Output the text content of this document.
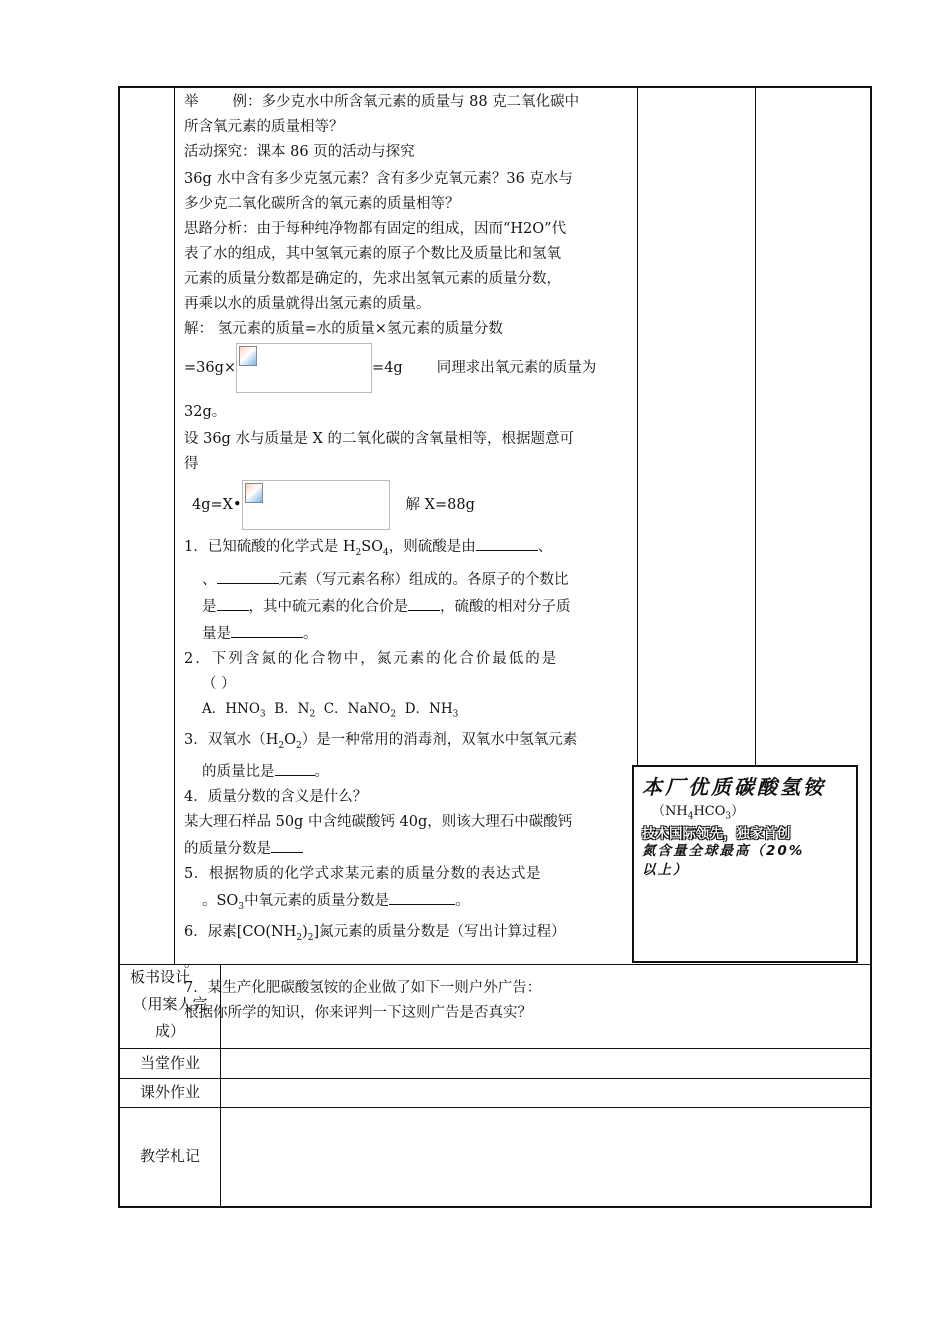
举 例：多少克水中所含氧元素的质量与 88 克二氧化碳中

所含氧元素的质量相等？

活动探究：课本 86 页的活动与探究

36g 水中含有多少克氢元素？含有多少克氧元素？36 克水与

多少克二氧化碳所含的氧元素的质量相等？

思路分析：由于每种纯净物都有固定的组成，因而“H2O”代

表了水的组成，其中氢氧元素的原子个数比及质量比和氢氧

元素的质量分数都是确定的，先求出氢氧元素的质量分数，

再乘以水的质量就得出氢元素的质量。

解： 氢元素的质量=水的质量×氢元素的质量分数

=36g×	=4g 同理求出氧元素的质量为

32g。

设 36g 水与质量是 X 的二氧化碳的含氧量相等，根据题意可

得

4g=X•	解 X=88g

1．已知硫酸的化学式是 $H_2SO_4$，则硫酸是由	、

、	元素（写元素名称）组成的。各原子的个数比

是 ，其中硫元素的化合价是 ，硫酸的相对分子质

量是	。

2．下列含氮的化合物中，氮元素的化合价最低的是

（ ）

A．$HNO_3$ B．$N_2$ C．NaNO$_2$ D．$NH_3$

3．双氧水$(H_2O_2)$是一种常用的消毒剂，双氧水中氢氧元素

的质量比是	。

4．质量分数的含义是什么？

某大理石样品 50g 中含纯碳酸钙 40g，则该大理石中碳酸钙

的质量分数是

5．根据物质的化学式求某元素的质量分数的表达式是

。$SO_3$中氧元素的质量分数是	。

6．尿素$[CO(NH_2)_2]$氮元素的质量分数是（写出计算过程）

。

7．某生产化肥碳酸氢铵的企业做了如下一则户外广告：

根据你所学的知识，你来评判一下这则广告是否真实？

本厂优质碳酸氢铵
$(NH_4HCO_3)$
技术国际领先，独家首创
氮含量全球最高（20%
以上）
板书设计
（用案人完
成）
当堂作业
课外作业
教学札记
